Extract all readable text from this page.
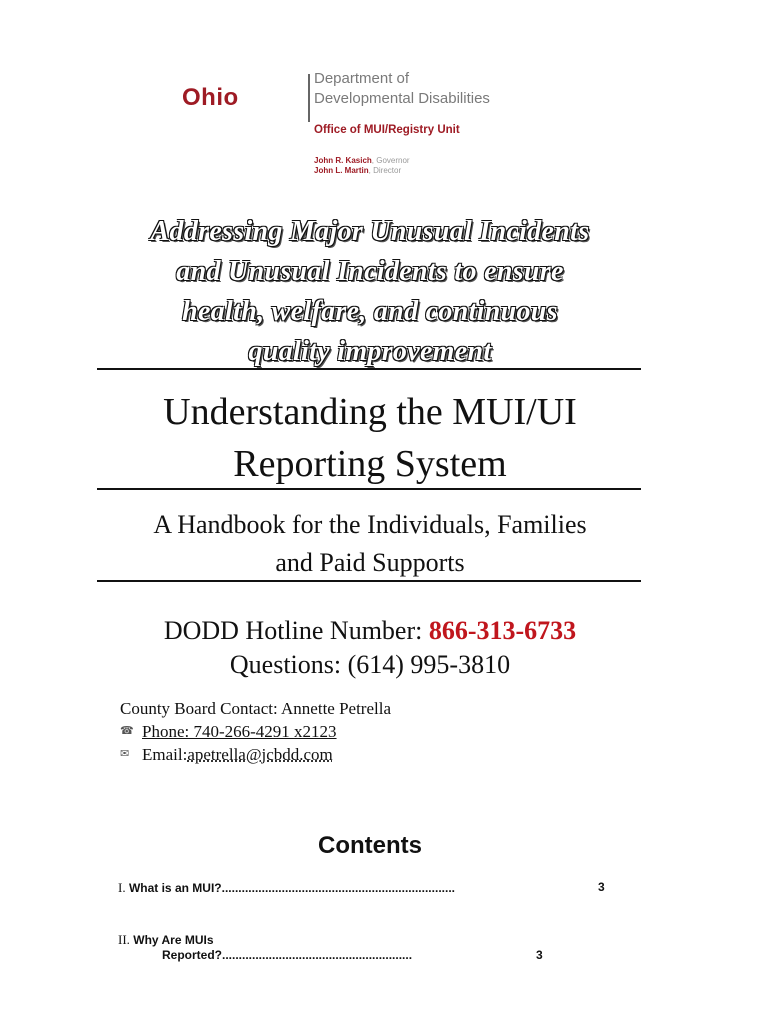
Ohio
Department of
Developmental Disabilities
Office of MUI/Registry Unit
John R. Kasich, Governor
John L. Martin, Director
Addressing Major Unusual Incidents
and Unusual Incidents to ensure
health, welfare, and continuous
quality improvement
Understanding the MUI/UI
Reporting System
A Handbook for the Individuals, Families
and Paid Supports
DODD Hotline Number: 866-313-6733
Questions: (614) 995-3810
County Board Contact: Annette Petrella
☎ Phone: 740-266-4291 x2123
✉ Email: apetrella@jcbdd.com
Contents
I. What is an MUI?......................................................................	3
II. Why Are MUIs
Reported?.........................................................	3
